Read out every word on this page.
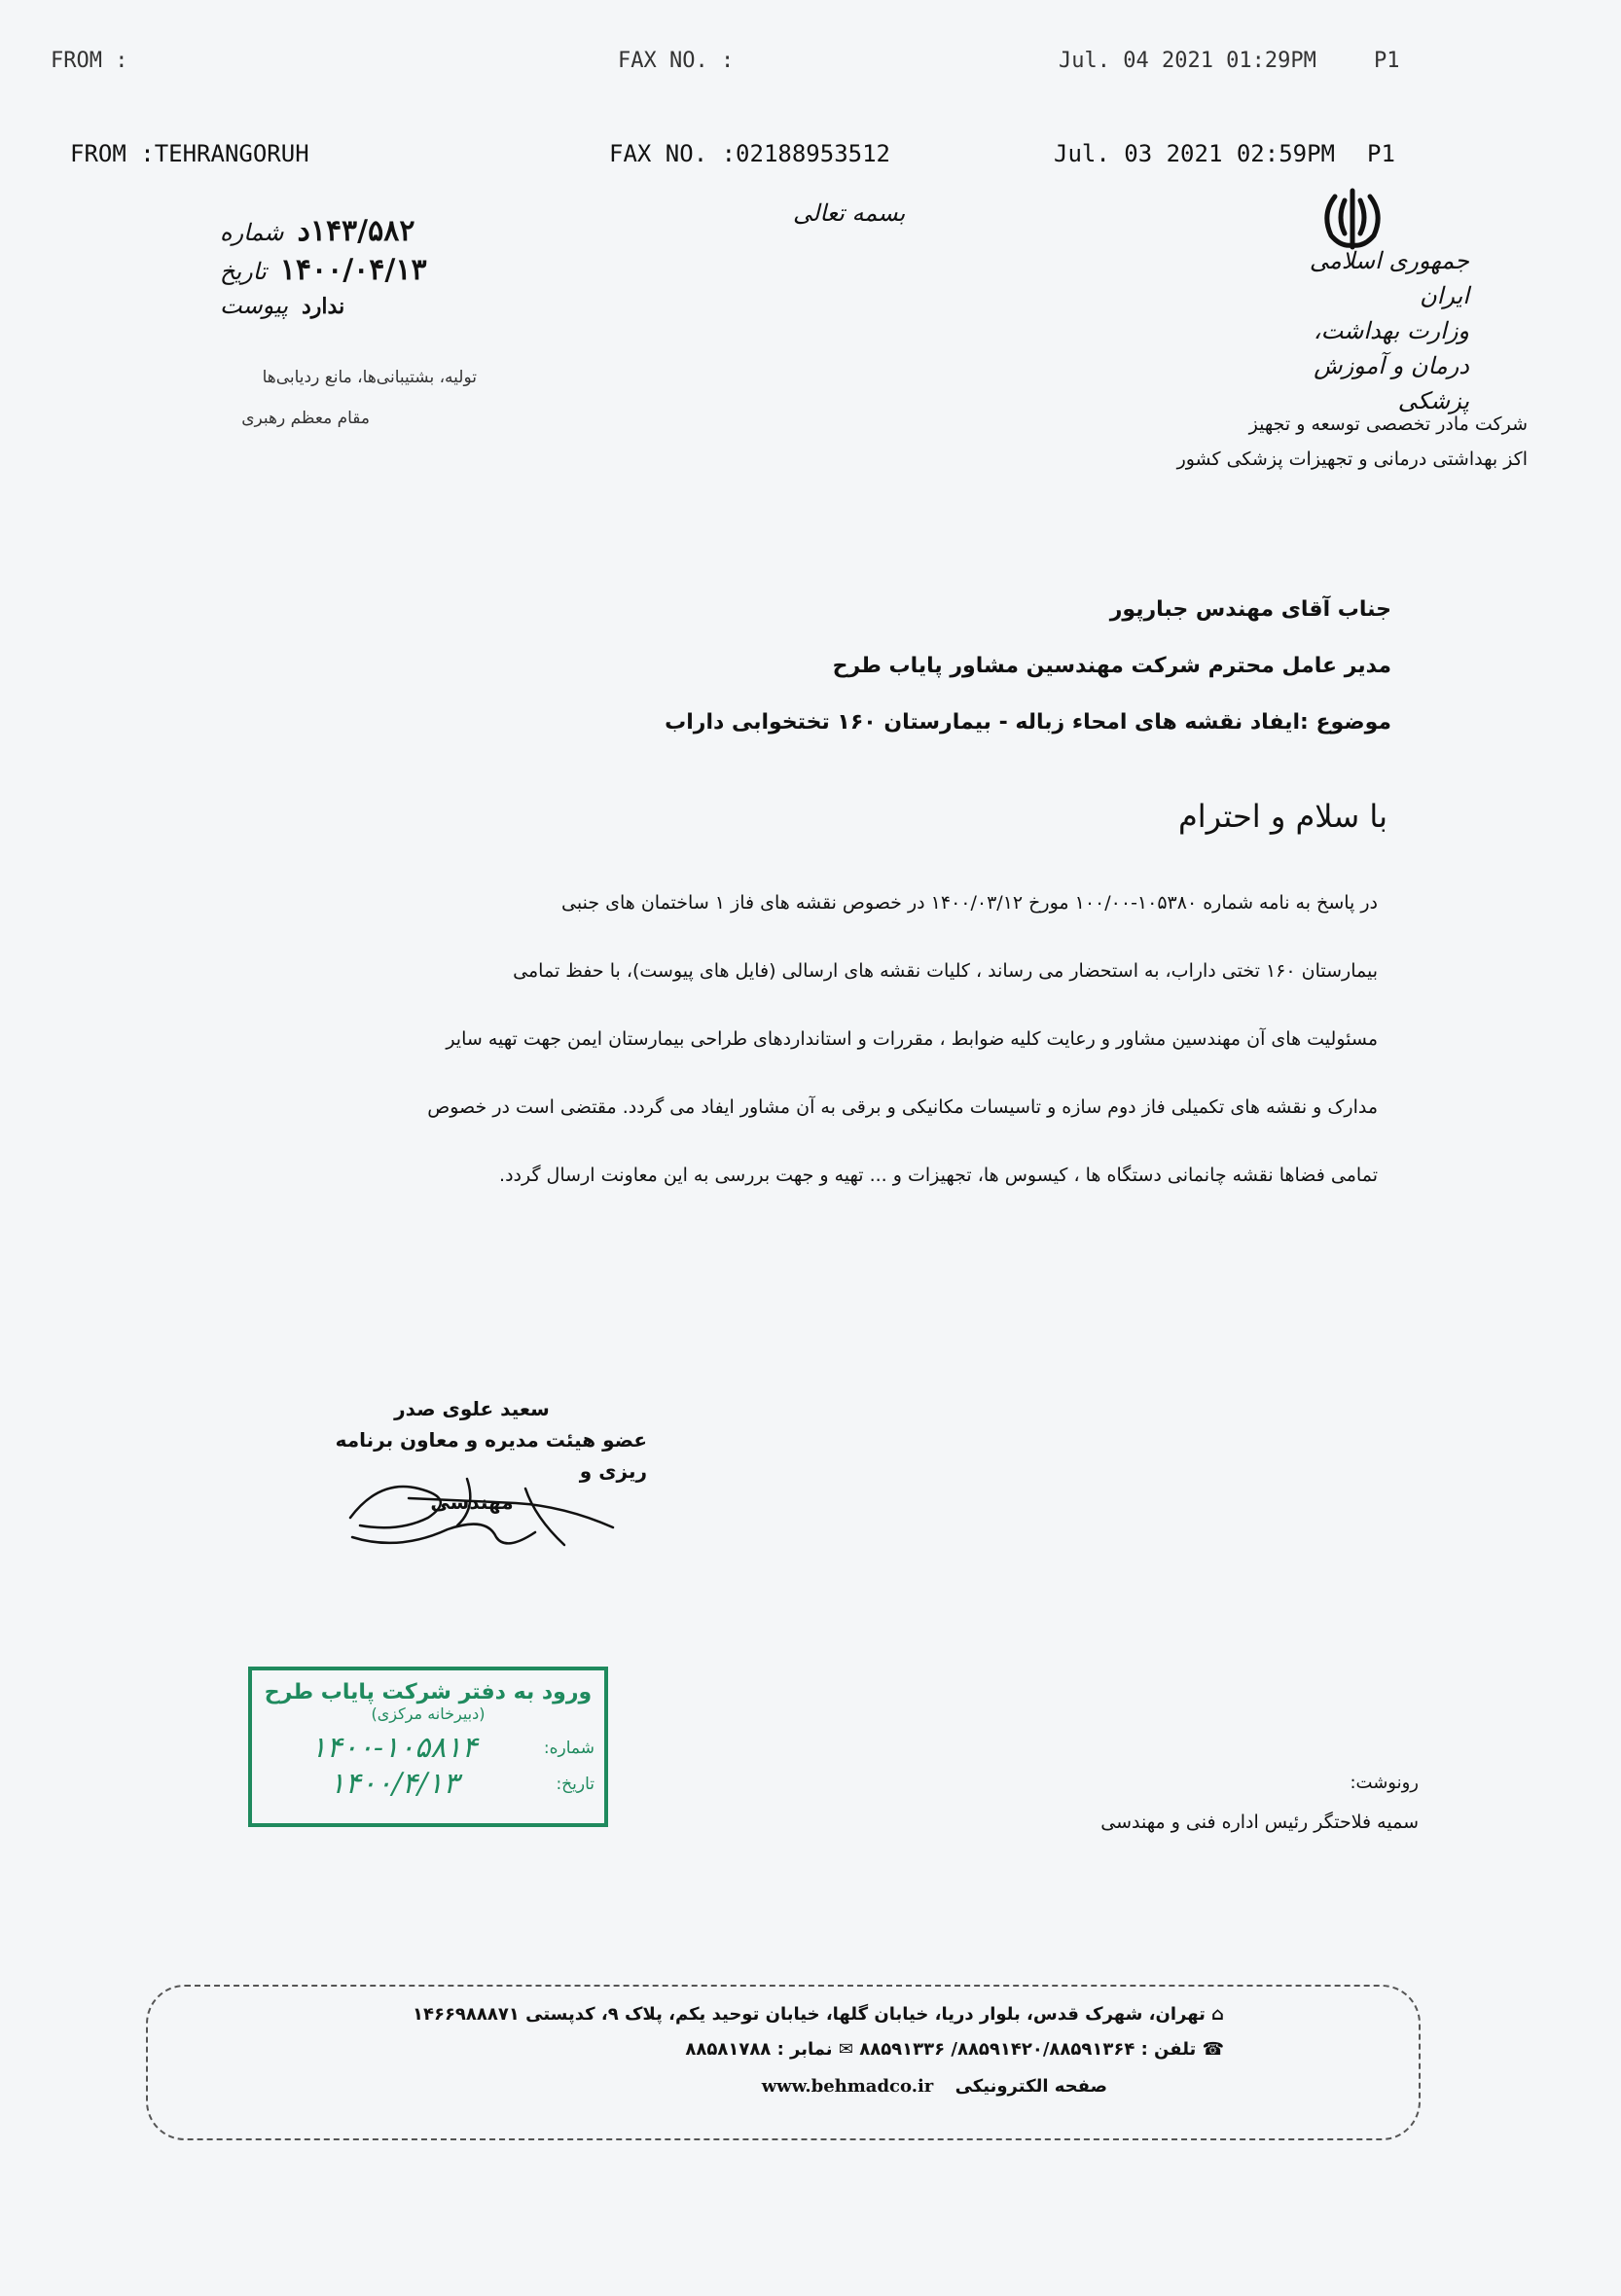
FROM :	FAX NO. :	Jul. 04 2021 01:29PM	P1
FROM :TEHRANGORUH	FAX NO. :02188953512	Jul. 03 2021 02:59PM P1
بسمه تعالی
۱۴۳/۵۸۲د
شماره
۱۴۰۰/۰۴/۱۳
تاریخ
ندارد
پیوست
تولیه، بشتیبانی‌ها، مانع ردیابی‌ها
مقام معظم رهبری
جمهوری اسلامی ایران
وزارت بهداشت، درمان و آموزش پزشکی
شرکت مادر تخصصی توسعه و تجهیز
اکز بهداشتی درمانی و تجهیزات پزشکی کشور
جناب آقای مهندس جبارپور
مدیر عامل محترم شرکت مهندسین مشاور پایاب طرح
موضوع :ایفاد نقشه های امحاء زباله - بیمارستان ۱۶۰ تختخوابی داراب
با سلام و احترام
در پاسخ به نامه شماره ۱۰۵۳۸۰-۱۰۰/۰۰ مورخ ۱۴۰۰/۰۳/۱۲ در خصوص نقشه های فاز ۱ ساختمان های جنبی
بیمارستان ۱۶۰ تختی داراب، به استحضار می رساند ، کلیات نقشه های ارسالی (فایل های پیوست)، با حفظ تمامی
مسئولیت های آن مهندسین مشاور و رعایت کلیه ضوابط ، مقررات و استانداردهای طراحی بیمارستان ایمن جهت تهیه سایر
مدارک و نقشه های تکمیلی فاز دوم سازه و تاسیسات مکانیکی و برقی به آن مشاور ایفاد می گردد. مقتضی است در خصوص
تمامی فضاها نقشه چانمانی دستگاه ها ، کیسوس ها، تجهیزات و ... تهیه و جهت بررسی به این معاونت ارسال گردد.
سعید علوی صدر
عضو هیئت مدیره و معاون برنامه ریزی و
مهندسی
ورود به دفتر شرکت پایاب طرح
(دبیرخانه مرکزی)
شماره:
۱۴۰۰-۱۰۵۸۱۴
تاریخ:
۱۴۰۰/۴/۱۳	رونوشت:
سمیه فلاحتگر رئیس اداره فنی و مهندسی
⌂ تهران، شهرک قدس، بلوار دریا، خیابان گلها، خیابان توحید یکم، پلاک ۹، کدپستی ۱۴۶۶۹۸۸۸۷۱
☎ تلفن : ۸۸۵۹۱۴۲۰/۸۸۵۹۱۳۶۴/ ۸۸۵۹۱۳۳۶ ✉ نمابر : ۸۸۵۸۱۷۸۸
صفحه الکترونیکی www.behmadco.ir
